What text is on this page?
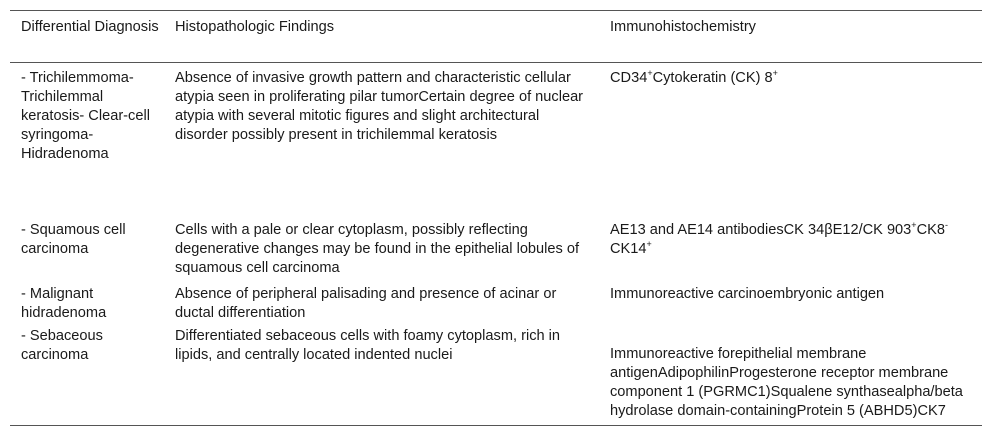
Differential Diagnosis	Histopathologic Findings	Immunohistochemistry
- Trichilemmoma- Trichilemmal keratosis- Clear-cell syringoma- Hidradenoma	Absence of invasive growth pattern and characteristic cellular atypia seen in proliferating pilar tumorCertain degree of nuclear atypia with several mitotic figures and slight architectural disorder possibly present in trichilemmal keratosis	CD34+Cytokeratin (CK) 8+
- Squamous cell carcinoma	Cells with a pale or clear cytoplasm, possibly reflecting degenerative changes may be found in the epithelial lobules of squamous cell carcinoma	AE13 and AE14 antibodiesCK 34βE12/CK 903+CK8-CK14+
- Malignant hidradenoma	Absence of peripheral palisading and presence of acinar or ductal differentiation	Immunoreactive carcinoembryonic antigen
- Sebaceous carcinoma	Differentiated sebaceous cells with foamy cytoplasm, rich in lipids, and centrally located indented nuclei	Immunoreactive forepithelial membrane antigenAdipophilinProgesterone receptor membrane component 1 (PGRMC1)Squalene synthasealpha/beta hydrolase domain-containingProtein 5 (ABHD5)CK7
